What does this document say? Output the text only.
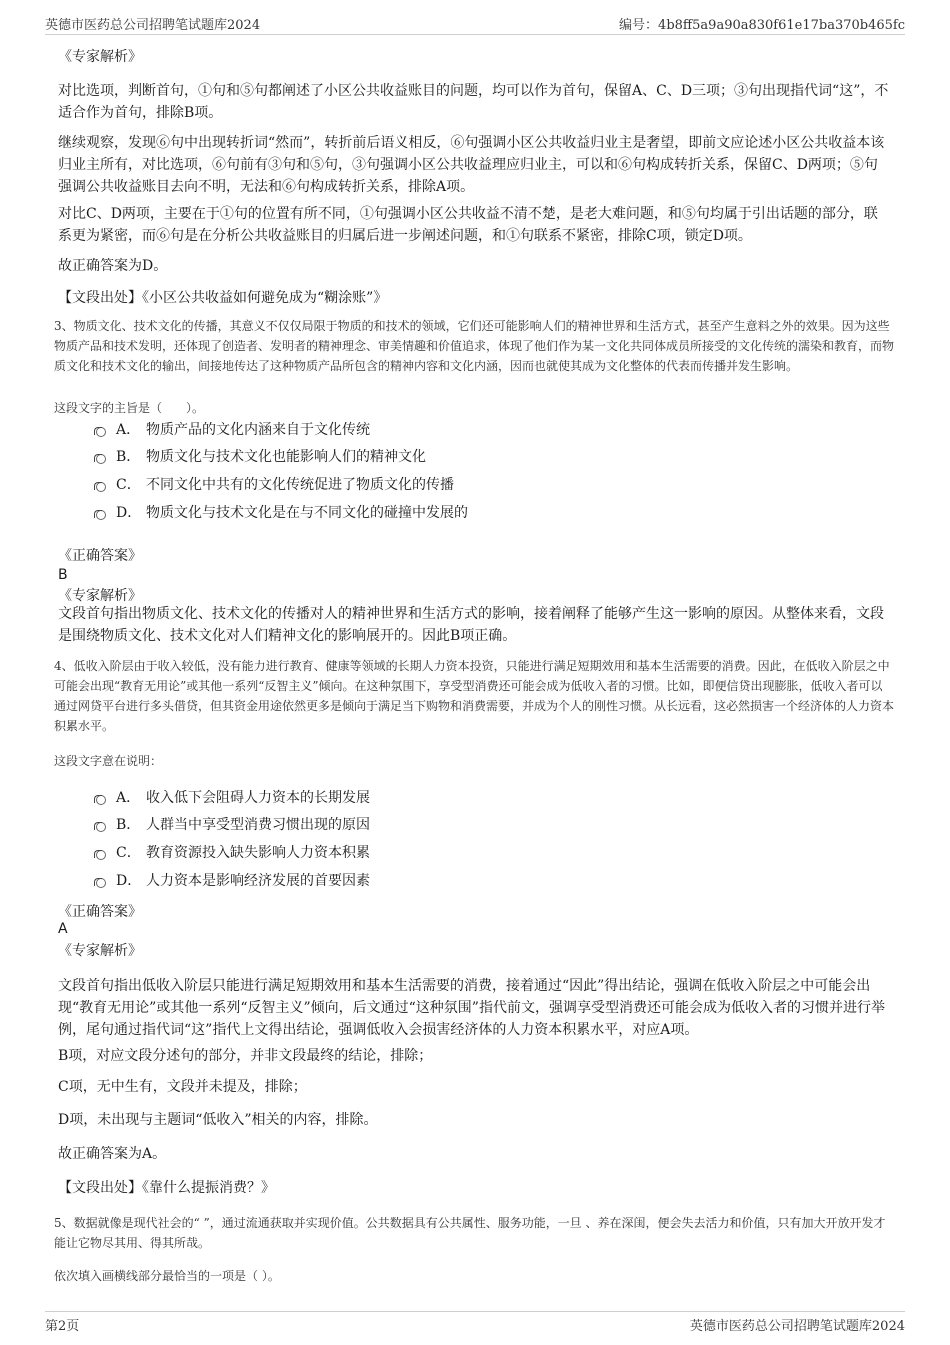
英德市医药总公司招聘笔试题库2024	编号：4b8ff5a9a90a830f61e17ba370b465fc

《专家解析》

对比选项，判断首句，①句和⑤句都阐述了小区公共收益账目的问题，均可以作为首句，保留A、C、D三项；③句出现指代词“这”，不适合作为首句，排除B项。

继续观察，发现⑥句中出现转折词“然而”，转折前后语义相反，⑥句强调小区公共收益归业主是奢望，即前文应论述小区公共收益本该归业主所有，对比选项，⑥句前有③句和⑤句，③句强调小区公共收益理应归业主，可以和⑥句构成转折关系，保留C、D两项；⑤句强调公共收益账目去向不明，无法和⑥句构成转折关系，排除A项。

对比C、D两项，主要在于①句的位置有所不同，①句强调小区公共收益不清不楚，是老大难问题，和⑤句均属于引出话题的部分，联系更为紧密，而⑥句是在分析公共收益账目的归属后进一步阐述问题，和①句联系不紧密，排除C项，锁定D项。

故正确答案为D。

【文段出处】《小区公共收益如何避免成为“糊涂账”》

3、物质文化、技术文化的传播，其意义不仅仅局限于物质的和技术的领域，它们还可能影响人们的精神世界和生活方式，甚至产生意料之外的效果。因为这些物质产品和技术发明，还体现了创造者、发明者的精神理念、审美情趣和价值追求，体现了他们作为某一文化共同体成员所接受的文化传统的濡染和教育，而物质文化和技术文化的输出，间接地传达了这种物质产品所包含的精神内容和文化内涵，因而也就使其成为文化整体的代表而传播并发生影响。

这段文字的主旨是（　　）。

A． 物质产品的文化内涵来自于文化传统
B． 物质文化与技术文化也能影响人们的精神文化
C． 不同文化中共有的文化传统促进了物质文化的传播
D． 物质文化与技术文化是在与不同文化的碰撞中发展的

《正确答案》

B

《专家解析》

文段首句指出物质文化、技术文化的传播对人的精神世界和生活方式的影响，接着阐释了能够产生这一影响的原因。从整体来看，文段是围绕物质文化、技术文化对人们精神文化的影响展开的。因此B项正确。

4、低收入阶层由于收入较低，没有能力进行教育、健康等领域的长期人力资本投资，只能进行满足短期效用和基本生活需要的消费。因此，在低收入阶层之中可能会出现“教育无用论”或其他一系列“反智主义”倾向。在这种氛围下，享受型消费还可能会成为低收入者的习惯。比如，即便信贷出现膨胀，低收入者可以通过网贷平台进行多头借贷，但其资金用途依然更多是倾向于满足当下购物和消费需要，并成为个人的刚性习惯。从长远看，这必然损害一个经济体的人力资本积累水平。

这段文字意在说明：

A． 收入低下会阻碍人力资本的长期发展
B． 人群当中享受型消费习惯出现的原因
C． 教育资源投入缺失影响人力资本积累
D． 人力资本是影响经济发展的首要因素

《正确答案》

A

《专家解析》

文段首句指出低收入阶层只能进行满足短期效用和基本生活需要的消费，接着通过“因此”得出结论，强调在低收入阶层之中可能会出现“教育无用论”或其他一系列“反智主义”倾向，后文通过“这种氛围”指代前文，强调享受型消费还可能会成为低收入者的习惯并进行举例，尾句通过指代词“这”指代上文得出结论，强调低收入会损害经济体的人力资本积累水平，对应A项。

B项，对应文段分述句的部分，并非文段最终的结论，排除；

C项，无中生有，文段并未提及，排除；

D项，未出现与主题词“低收入”相关的内容，排除。

故正确答案为A。

【文段出处】《靠什么提振消费？》

5、数据就像是现代社会的“ ”，通过流通获取并实现价值。公共数据具有公共属性、服务功能，一旦 、养在深闺，便会失去活力和价值，只有加大开放开发才能让它物尽其用、得其所哉。

依次填入画横线部分最恰当的一项是（ ）。

第2页	英德市医药总公司招聘笔试题库2024
